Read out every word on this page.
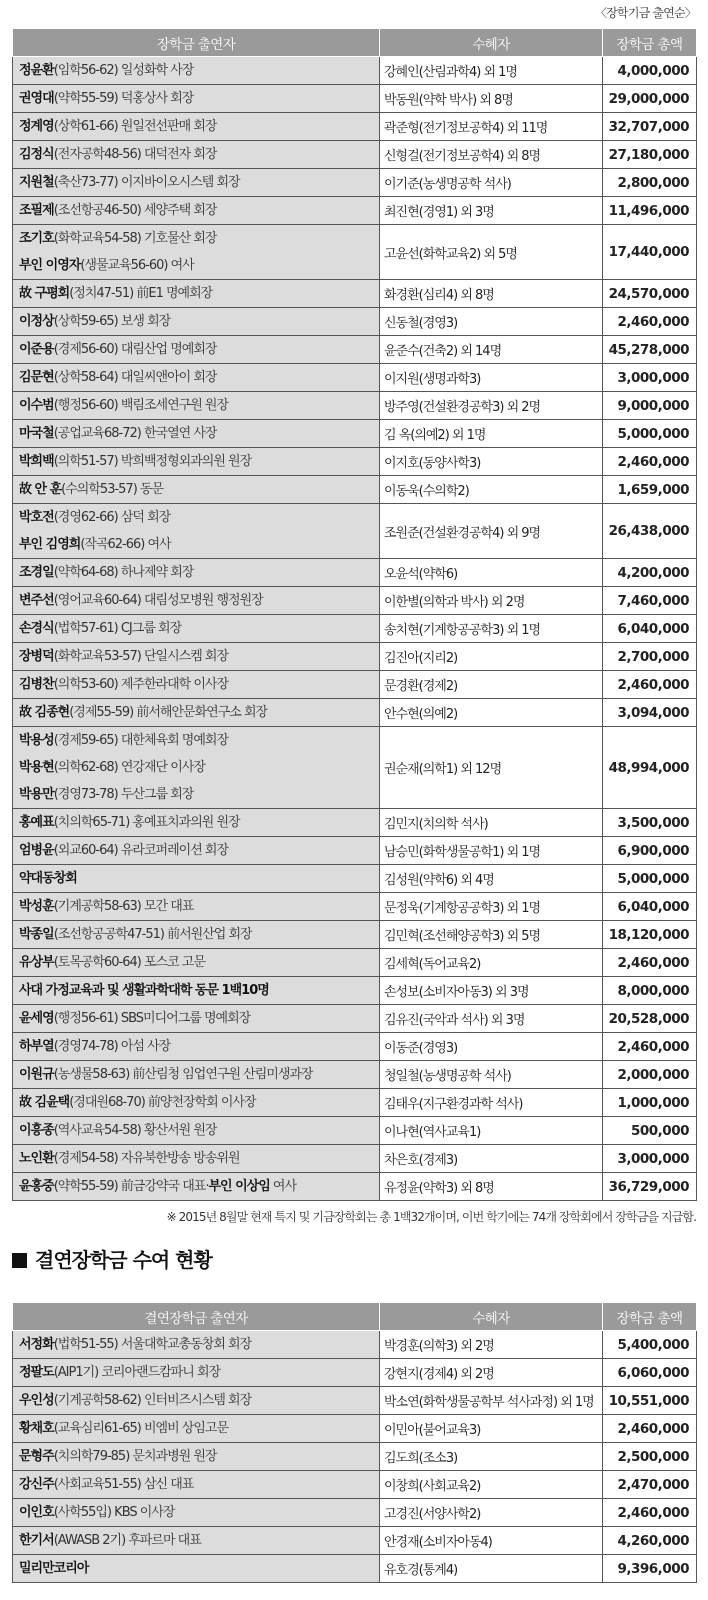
〈장학기금 출연순〉
장학금 출연자	수혜자	장학금 총액

정윤환(임학56-62) 일성화학 사장	강혜인(산림과학4) 외 1명	4,000,000

권영대(약학55-59) 덕홍상사 회장	박동원(약학 박사) 외 8명	29,000,000

정계영(상학61-66) 원일전선판매 회장	곽준형(전기정보공학4) 외 11명	32,707,000

김정식(전자공학48-56) 대덕전자 회장	신형걸(전기정보공학4) 외 8명	27,180,000

지원철(축산73-77) 이지바이오시스템 회장	이기준(농생명공학 석사)	2,800,000

조필제(조선항공46-50) 세양주택 회장	최진현(경영1) 외 3명	11,496,000

조기호(화학교육54-58) 기호물산 회장
부인 이영자(생물교육56-60) 여사	고윤선(화학교육2) 외 5명	17,440,000

故 구평회(정치47-51) 前E1 명예회장	화경환(심리4) 외 8명	24,570,000

이정상(상학59-65) 보생 회장	신동철(경영3)	2,460,000

이준용(경제56-60) 대림산업 명예회장	윤준수(건축2) 외 14명	45,278,000

김문현(상학58-64) 대일씨앤아이 회장	이지원(생명과학3)	3,000,000

이수범(행정56-60) 백림조세연구원 원장	방주영(건설환경공학3) 외 2명	9,000,000

마국철(공업교육68-72) 한국열연 사장	김 옥(의예2) 외 1명	5,000,000

박희백(의학51-57) 박희백정형외과의원 원장	이지호(동양사학3)	2,460,000

故 안 훈(수의학53-57) 동문	이동욱(수의학2)	1,659,000

박호전(경영62-66) 삼덕 회장
부인 김영희(작곡62-66) 여사	조원준(건설환경공학4) 외 9명	26,438,000

조경일(약학64-68) 하나제약 회장	오윤석(약학6)	4,200,000

변주선(영어교육60-64) 대림성모병원 행정원장	이한별(의학과 박사) 외 2명	7,460,000

손경식(법학57-61) CJ그룹 회장	송치현(기계항공공학3) 외 1명	6,040,000

장병덕(화학교육53-57) 단일시스켐 회장	김진아(지리2)	2,700,000

김병찬(의학53-60) 제주한라대학 이사장	문경환(경제2)	2,460,000

故 김종현(경제55-59) 前서해안문화연구소 회장	안수현(의예2)	3,094,000

박용성(경제59-65) 대한체육회 명예회장
박용현(의학62-68) 연강재단 이사장
박용만(경영73-78) 두산그룹 회장	권순재(의학1) 외 12명	48,994,000

홍예표(치의학65-71) 홍예표치과의원 원장	김민지(치의학 석사)	3,500,000

엄병윤(외교60-64) 유라코퍼레이션 회장	남승민(화학생물공학1) 외 1명	6,900,000

약대동창회	김성원(약학6) 외 4명	5,000,000

박성훈(기계공학58-63) 모간 대표	문정욱(기계항공공학3) 외 1명	6,040,000

박종일(조선항공공학47-51) 前서원산업 회장	김민혁(조선해양공학3) 외 5명	18,120,000

유상부(토목공학60-64) 포스코 고문	김세혁(독어교육2)	2,460,000

사대 가정교육과 및 생활과학대학 동문 1백10명	손성보(소비자아동3) 외 3명	8,000,000

윤세영(행정56-61) SBS미디어그룹 명예회장	김유진(국악과 석사) 외 3명	20,528,000

하부열(경영74-78) 아섬 사장	이동준(경영3)	2,460,000

이원규(농생물58-63) 前산림청 임업연구원 산림미생과장	청일철(농생명공학 석사)	2,000,000

故 김윤택(경대원68-70) 前양천장학회 이사장	김태우(지구환경과학 석사)	1,000,000

이흥종(역사교육54-58) 황산서원 원장	이나현(역사교육1)	500,000

노인환(경제54-58) 자유북한방송 방송위원	차은호(경제3)	3,000,000

윤홍중(약학55-59) 前금강약국 대표·부인 이상임 여사	유정윤(약학3) 외 8명	36,729,000
※ 2015년 8월말 현재 특지 및 기금장학회는 총 1백32개이며, 이번 학기에는 74개 장학회에서 장학금을 지급함.
결연장학금 수여 현황
결연장학금 출연자	수혜자	장학금 총액

서정화(법학51-55) 서울대학교총동창회 회장	박경훈(의학3) 외 2명	5,400,000

정팔도(AIP1기) 코리아랜드캄파니 회장	강현지(경제4) 외 2명	6,060,000

우인성(기계공학58-62) 인터비즈시스템 회장	박소연(화학생물공학부 석사과정) 외 1명	10,551,000

황채호(교육심리61-65) 비엠비 상임고문	이민아(불어교육3)	2,460,000

문형주(치의학79-85) 문치과병원 원장	김도희(조소3)	2,500,000

강신주(사회교육51-55) 삼신 대표	이창희(사회교육2)	2,470,000

이인호(사학55입) KBS 이사장	고경진(서양사학2)	2,460,000

한기서(AWASB 2기) 후파르마 대표	안경재(소비자아동4)	4,260,000

밀리만코리아	유호경(통계4)	9,396,000
